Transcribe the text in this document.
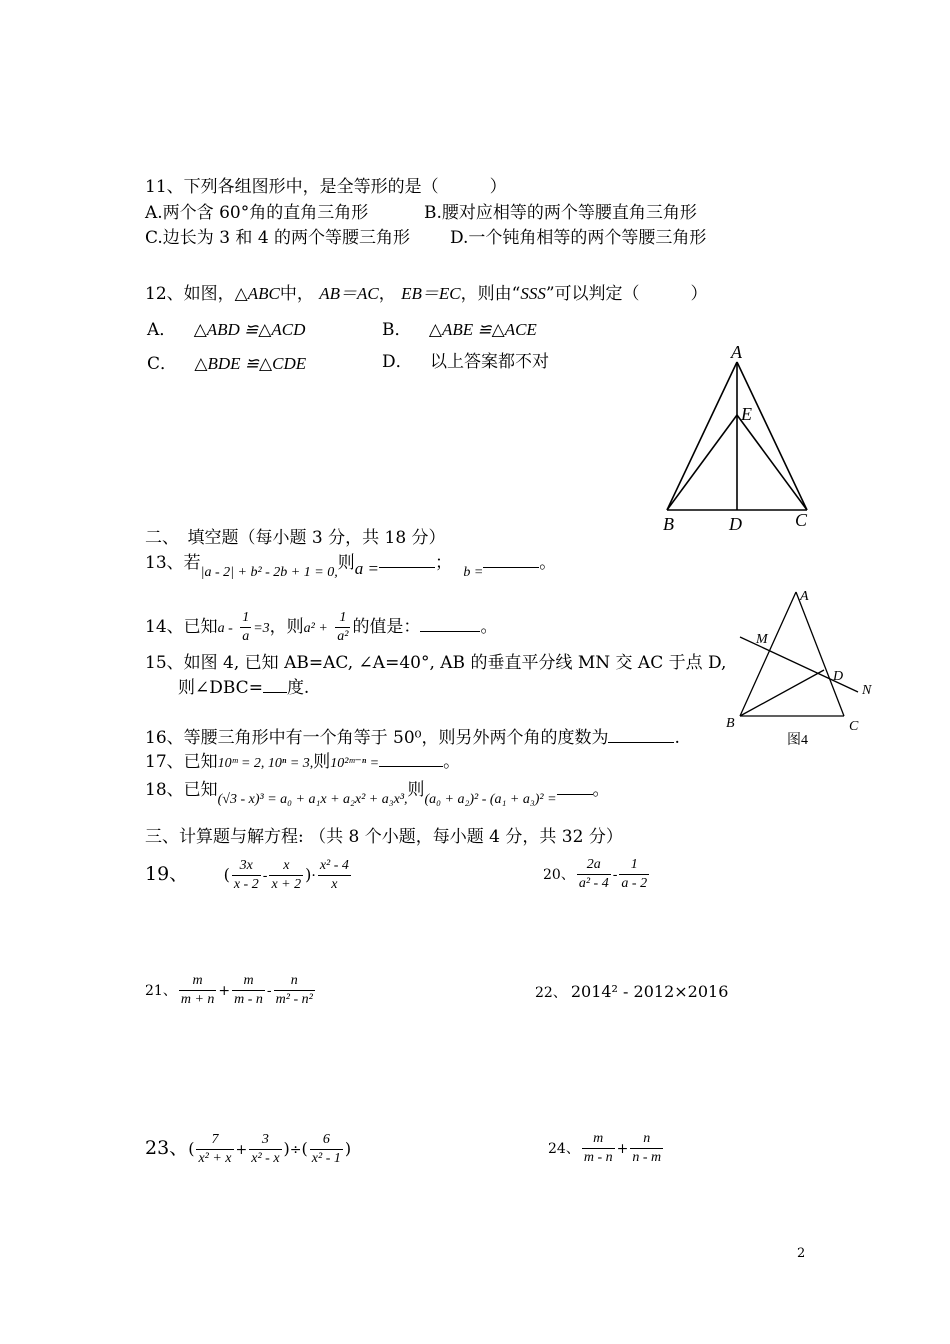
11、下列各组图形中，是全等形的是（　　　）
A.两个含 60°角的直角三角形	B.腰对应相等的两个等腰直角三角形
C.边长为 3 和 4 的两个等腰三角形 D.一个钝角相等的两个等腰三角形
12、如图，△ABC中， AB＝AC， EB＝EC，则由“SSS”可以判定（　　　）
A． △ABD ≌△ACD	B． △ABE ≌△ACE
C． △BDE ≌△CDE	D． 以上答案都不对	A
E
B	D	C
二、　填空题（每小题 3 分，共 18 分）
13、若$_{|a - 2| + b^2 - 2b + 1 = 0,}$则a =	； $_{b =}$	。
14、已知$a - \frac{1}{a} =3$，则$a^2 + \frac{1}{\text{a²}}$ 的值是：	。
15、如图 4, 已知 AB=AC, ∠A=40°, AB 的垂直平分线 MN 交 AC 于点 D,
则∠DBC= 度.
A
M
D
N
B	C
图4
16、等腰三角形中有一个角等于 50⁰，则另外两个角的度数为	.
17、已知10ᵐ = 2, 10ⁿ = 3,则10²ᵐ⁻ⁿ =	。
18、已知$_{(√3 - x)^3 = a_0 + a_1x + a_2x^2 + a_3x^3,}$则$_{(a_0 + a_2)^2 - (a_1 + a_3)^2 =}$ 。
三、计算题与解方程: （共 8 个小题，每小题 4 分，共 32 分）
19、 ( $\frac{3x}{x - 2} - \frac{x}{x + 2}$ )· $\frac{\text{x² - 4}}{x}$	20、 $\frac{2a}{\text{a² - 4}} - \frac{1}{a - 2}$
21、 $\frac{m}{m + n} + \frac{m}{m - n} - \frac{n}{\text{m² - n²}}$	22、 2014² - 2012×2016
23、( $\frac{7}{\text{x² + x}} + \frac{3}{\text{x² - x}}$ )÷( $\frac{6}{\text{x² - 1}}$ )	24、 $\frac{m}{m - n} + \frac{n}{n - m}$
2
